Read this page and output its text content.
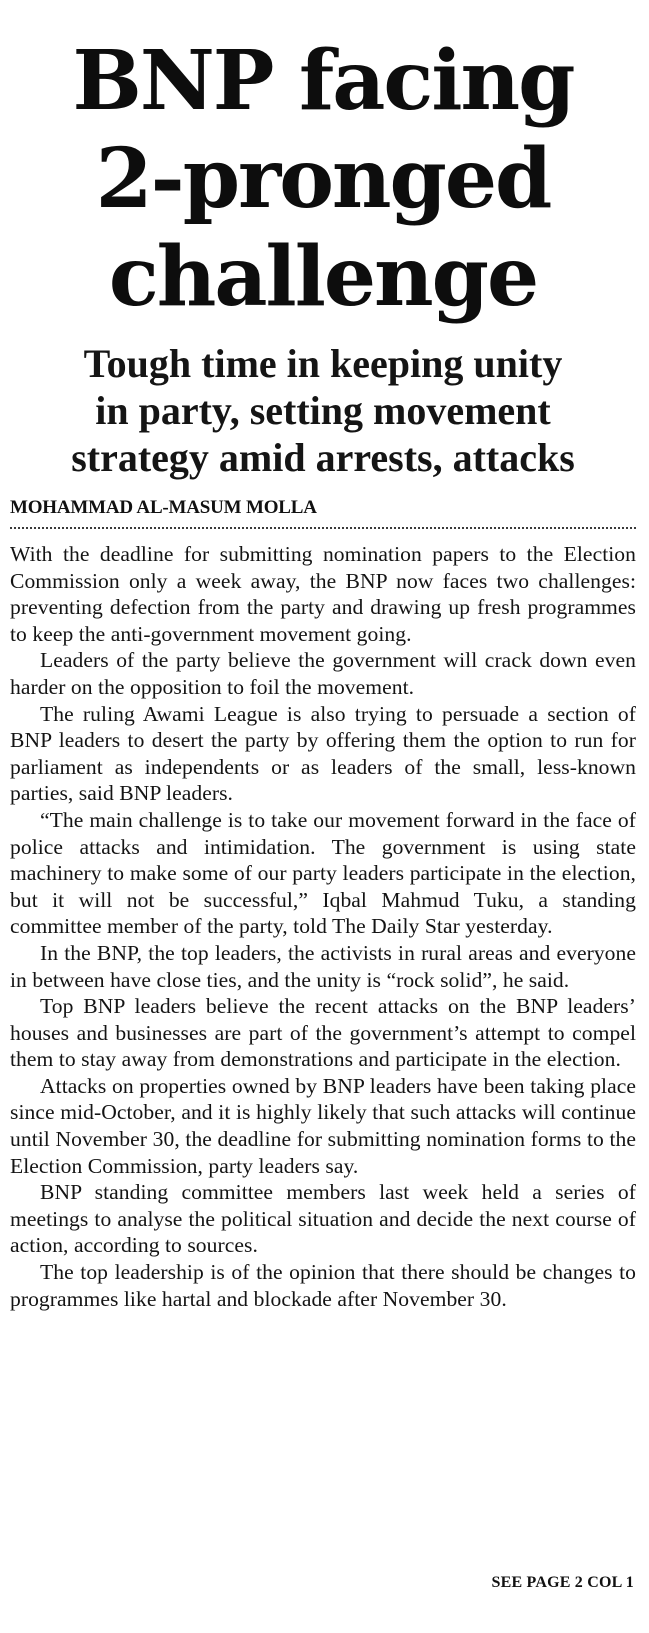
BNP facing
2-pronged
challenge
Tough time in keeping unity
in party, setting movement
strategy amid arrests, attacks
MOHAMMAD AL-MASUM MOLLA

With the deadline for submitting nomination papers to the Election Commission only a week away, the BNP now faces two challenges: preventing defection from the party and drawing up fresh programmes to keep the anti-government movement going.

Leaders of the party believe the government will crack down even harder on the opposition to foil the movement.

The ruling Awami League is also trying to persuade a section of BNP leaders to desert the party by offering them the option to run for parliament as independents or as leaders of the small, less-known parties, said BNP leaders.

“The main challenge is to take our movement forward in the face of police attacks and intimidation. The government is using state machinery to make some of our party leaders participate in the election, but it will not be successful,” Iqbal Mahmud Tuku, a standing committee member of the party, told The Daily Star yesterday.

In the BNP, the top leaders, the activists in rural areas and everyone in between have close ties, and the unity is “rock solid”, he said.

Top BNP leaders believe the recent attacks on the BNP leaders’ houses and businesses are part of the government’s attempt to compel them to stay away from demonstrations and participate in the election.

Attacks on properties owned by BNP leaders have been taking place since mid-October, and it is highly likely that such attacks will continue until November 30, the deadline for submitting nomination forms to the Election Commission, party leaders say.

BNP standing committee members last week held a series of meetings to analyse the political situation and decide the next course of action, according to sources.

The top leadership is of the opinion that there should be changes to programmes like hartal and blockade after November 30.

SEE PAGE 2 COL 1
